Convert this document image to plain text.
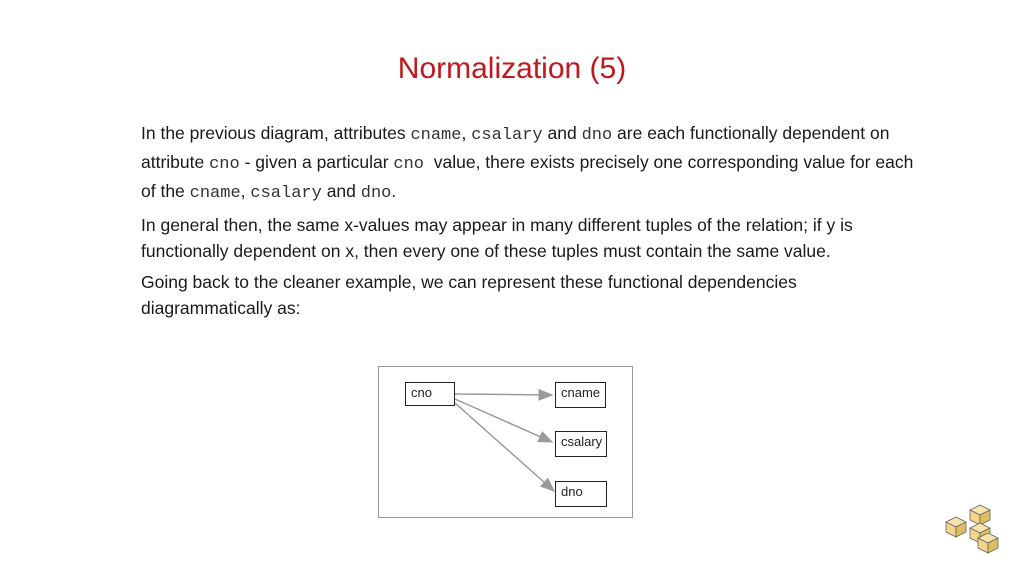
Normalization (5)

In the previous diagram, attributes cname, csalary and dno are each functionally dependent on attribute cno - given a particular cno  value, there exists precisely one corresponding value for each of the cname, csalary and dno.

In general then, the same x-values may appear in many different tuples of the relation; if y is functionally dependent on x, then every one of these tuples must contain the same value.

Going back to the cleaner example, we can represent these functional dependencies diagrammatically as:

cno	cname
csalary
dno
